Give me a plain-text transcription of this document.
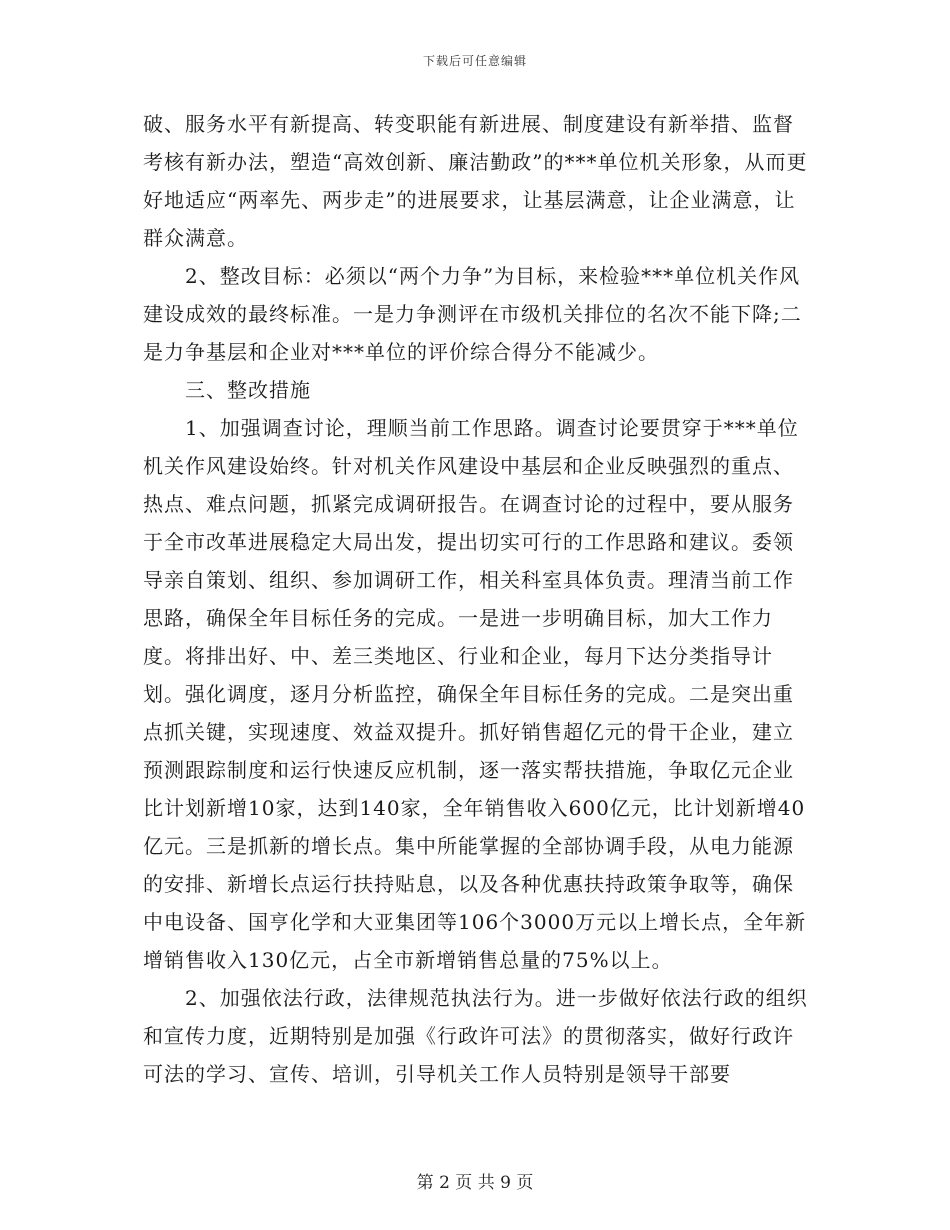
下载后可任意编辑

破、服务水平有新提高、转变职能有新进展、制度建设有新举措、监督考核有新办法，塑造“高效创新、廉洁勤政”的***单位机关形象，从而更好地适应“两率先、两步走”的进展要求，让基层满意，让企业满意，让群众满意。

2、整改目标：必须以“两个力争”为目标，来检验***单位机关作风建设成效的最终标准。一是力争测评在市级机关排位的名次不能下降;二是力争基层和企业对***单位的评价综合得分不能减少。

三、整改措施

1、加强调查讨论，理顺当前工作思路。调查讨论要贯穿于***单位机关作风建设始终。针对机关作风建设中基层和企业反映强烈的重点、热点、难点问题，抓紧完成调研报告。在调查讨论的过程中，要从服务于全市改革进展稳定大局出发，提出切实可行的工作思路和建议。委领导亲自策划、组织、参加调研工作，相关科室具体负责。理清当前工作思路，确保全年目标任务的完成。一是进一步明确目标，加大工作力度。将排出好、中、差三类地区、行业和企业，每月下达分类指导计划。强化调度，逐月分析监控，确保全年目标任务的完成。二是突出重点抓关键，实现速度、效益双提升。抓好销售超亿元的骨干企业，建立预测跟踪制度和运行快速反应机制，逐一落实帮扶措施，争取亿元企业比计划新增10家，达到140家，全年销售收入600亿元，比计划新增40亿元。三是抓新的增长点。集中所能掌握的全部协调手段，从电力能源的安排、新增长点运行扶持贴息，以及各种优惠扶持政策争取等，确保中电设备、国亨化学和大亚集团等106个3000万元以上增长点，全年新增销售收入130亿元，占全市新增销售总量的75%以上。

2、加强依法行政，法律规范执法行为。进一步做好依法行政的组织和宣传力度，近期特别是加强《行政许可法》的贯彻落实，做好行政许可法的学习、宣传、培训，引导机关工作人员特别是领导干部要

第 2 页 共 9 页
